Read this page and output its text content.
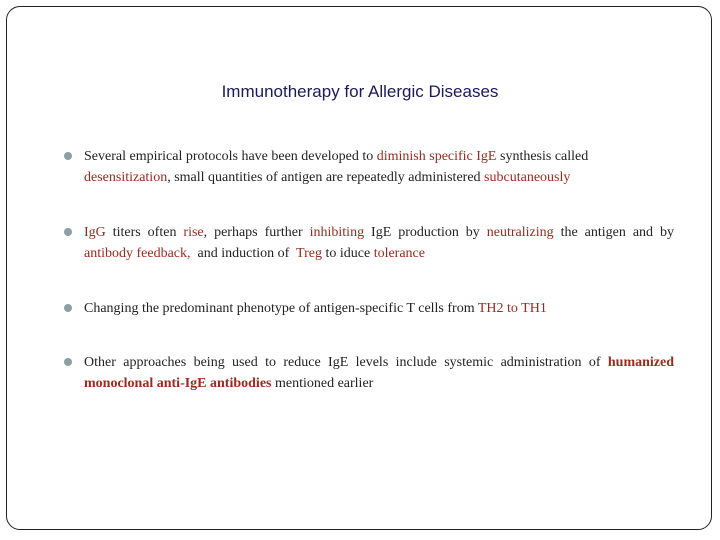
Immunotherapy for Allergic Diseases
Several empirical protocols have been developed to diminish specific IgE synthesis called desensitization, small quantities of antigen are repeatedly administered subcutaneously
IgG titers often rise, perhaps further inhibiting IgE production by neutralizing the antigen and by antibody feedback,  and induction of  Treg to iduce tolerance
Changing the predominant phenotype of antigen-specific T cells from TH2 to TH1
Other approaches being used to reduce IgE levels include systemic administration of humanized monoclonal anti-IgE antibodies mentioned earlier
